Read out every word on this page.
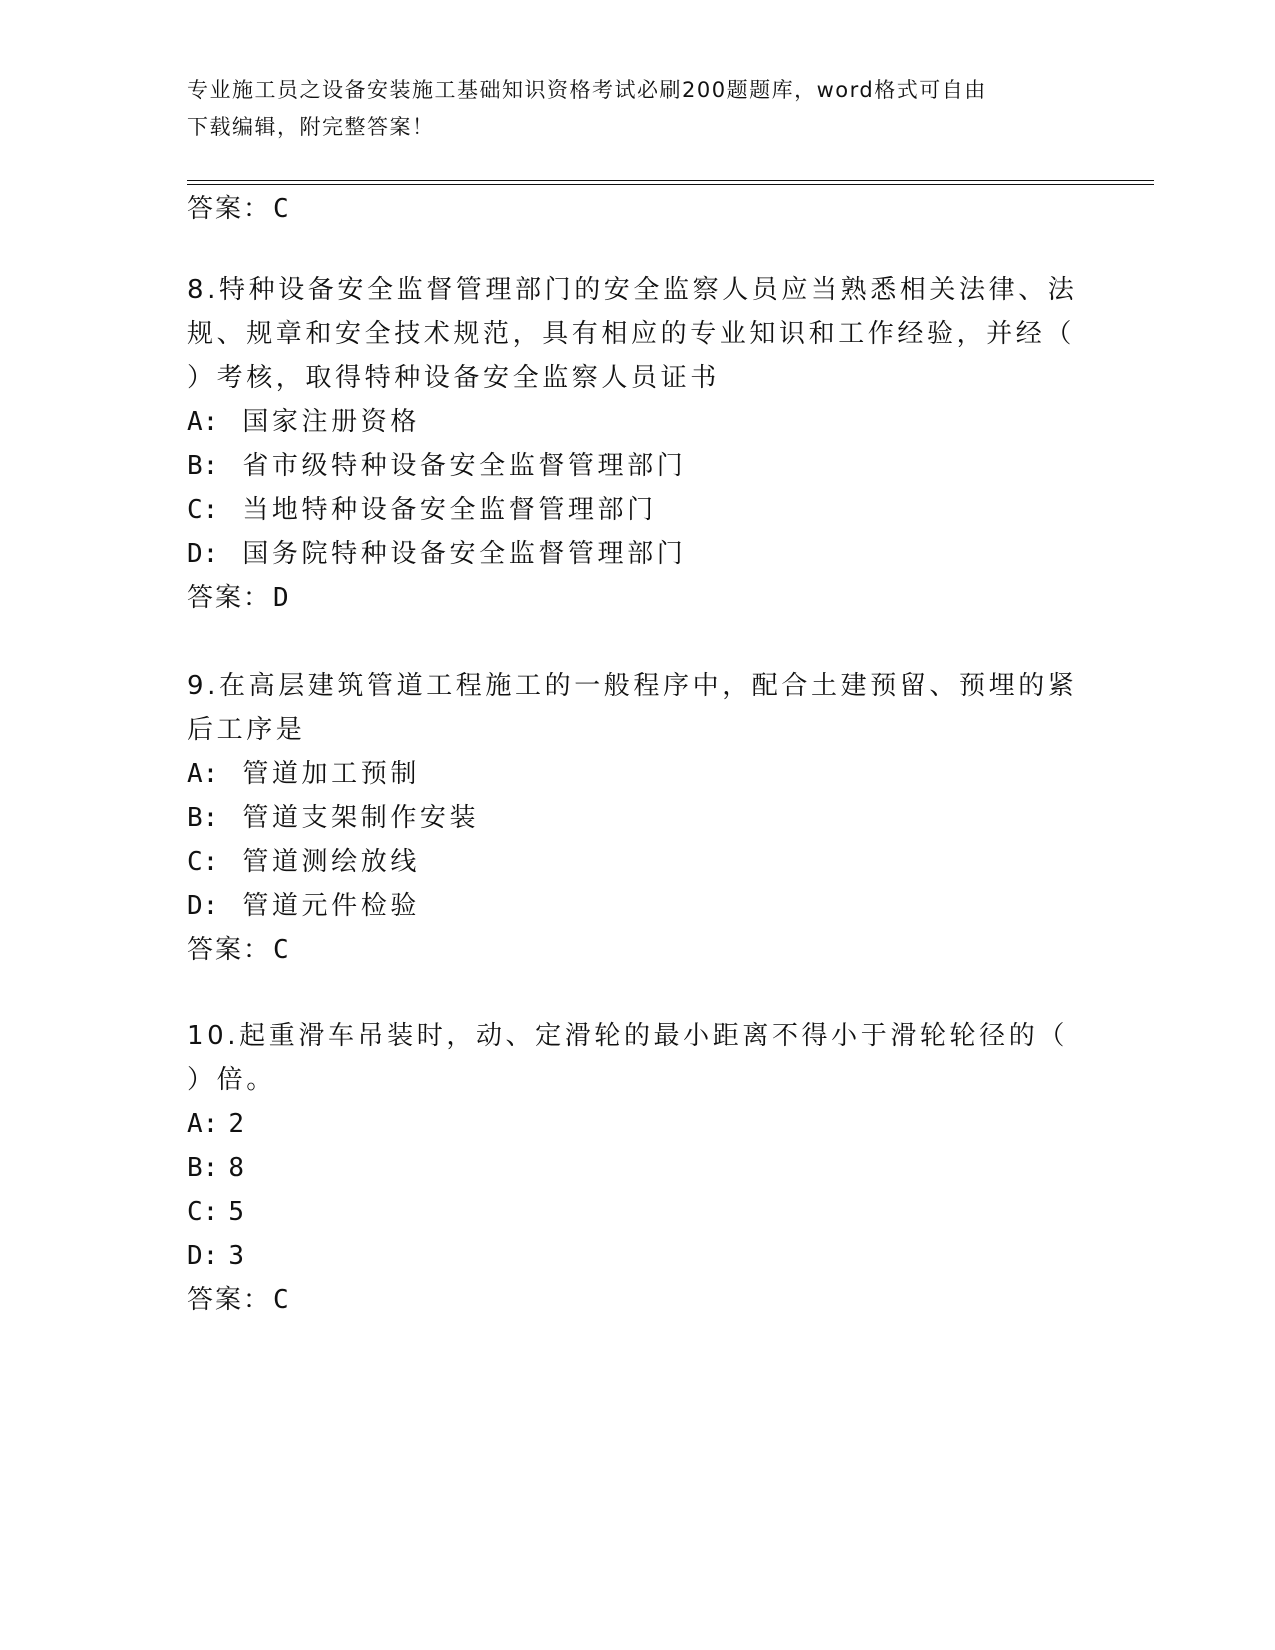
专业施工员之设备安装施工基础知识资格考试必刷200题题库，word格式可自由
下载编辑，附完整答案！
答案：C
8.特种设备安全监督管理部门的安全监察人员应当熟悉相关法律、法
规、规章和安全技术规范，具有相应的专业知识和工作经验，并经（
）考核，取得特种设备安全监察人员证书
A: 国家注册资格
B: 省市级特种设备安全监督管理部门
C: 当地特种设备安全监督管理部门
D: 国务院特种设备安全监督管理部门
答案：D
9.在高层建筑管道工程施工的一般程序中，配合土建预留、预埋的紧
后工序是
A: 管道加工预制
B: 管道支架制作安装
C: 管道测绘放线
D: 管道元件检验
答案：C
10.起重滑车吊装时，动、定滑轮的最小距离不得小于滑轮轮径的（
）倍。
A: 2
B: 8
C: 5
D: 3
答案：C
